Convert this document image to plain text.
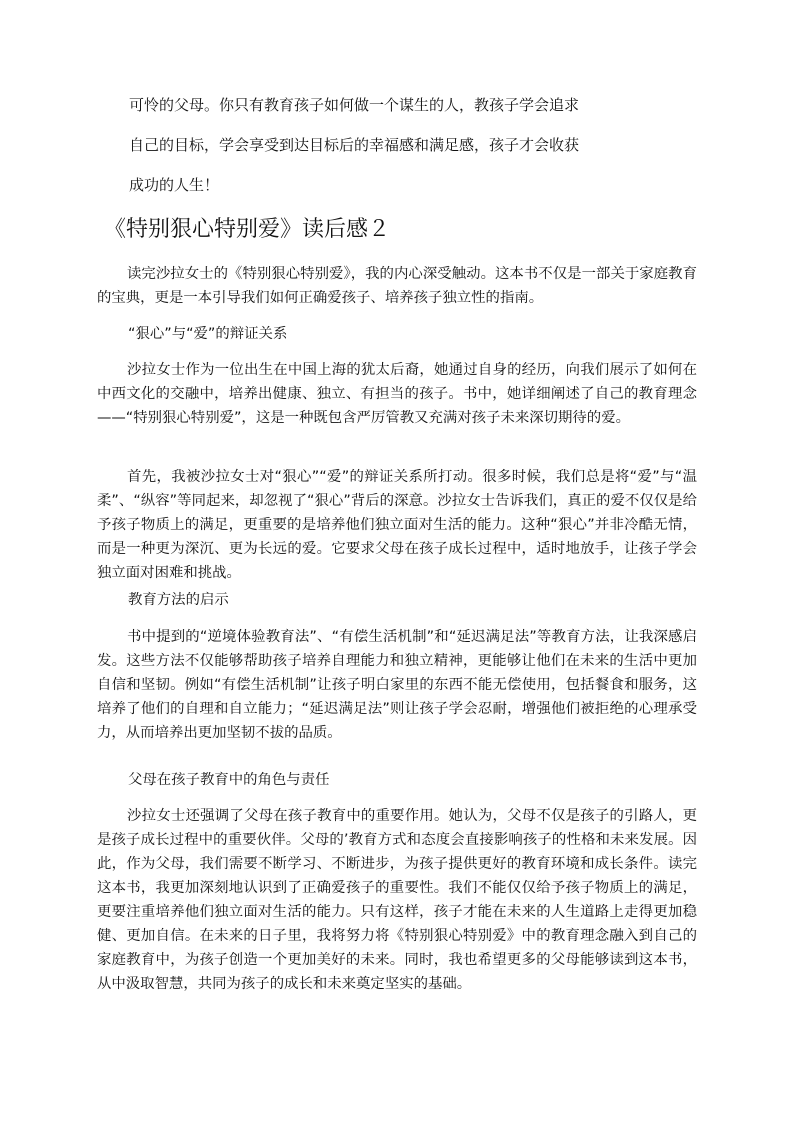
可怜的父母。你只有教育孩子如何做一个谋生的人，教孩子学会追求
自己的目标，学会享受到达目标后的幸福感和满足感，孩子才会收获
成功的人生！
《特别狠心特别爱》读后感２

读完沙拉女士的《特别狠心特别爱》，我的内心深受触动。这本书不仅是一部关于家庭教育的宝典，更是一本引导我们如何正确爱孩子、培养孩子独立性的指南。

“狠心”与“爱”的辩证关系

沙拉女士作为一位出生在中国上海的犹太后裔，她通过自身的经历，向我们展示了如何在中西文化的交融中，培养出健康、独立、有担当的孩子。书中，她详细阐述了自己的教育理念——“特别狠心特别爱”，这是一种既包含严厉管教又充满对孩子未来深切期待的爱。

首先，我被沙拉女士对“狠心”“爱”的辩证关系所打动。很多时候，我们总是将“爱”与“温柔”、“纵容”等同起来，却忽视了“狠心”背后的深意。沙拉女士告诉我们，真正的爱不仅仅是给予孩子物质上的满足，更重要的是培养他们独立面对生活的能力。这种“狠心”并非冷酷无情，而是一种更为深沉、更为长远的爱。它要求父母在孩子成长过程中，适时地放手，让孩子学会独立面对困难和挑战。

教育方法的启示

书中提到的“逆境体验教育法”、“有偿生活机制”和“延迟满足法”等教育方法，让我深感启发。这些方法不仅能够帮助孩子培养自理能力和独立精神，更能够让他们在未来的生活中更加自信和坚韧。例如“有偿生活机制”让孩子明白家里的东西不能无偿使用，包括餐食和服务，这培养了他们的自理和自立能力；“延迟满足法”则让孩子学会忍耐，增强他们被拒绝的心理承受力，从而培养出更加坚韧不拔的品质。

父母在孩子教育中的角色与责任

沙拉女士还强调了父母在孩子教育中的重要作用。她认为，父母不仅是孩子的引路人，更是孩子成长过程中的重要伙伴。父母的’教育方式和态度会直接影响孩子的性格和未来发展。因此，作为父母，我们需要不断学习、不断进步，为孩子提供更好的教育环境和成长条件。读完这本书，我更加深刻地认识到了正确爱孩子的重要性。我们不能仅仅给予孩子物质上的满足，更要注重培养他们独立面对生活的能力。只有这样，孩子才能在未来的人生道路上走得更加稳健、更加自信。在未来的日子里，我将努力将《特别狠心特别爱》中的教育理念融入到自己的家庭教育中，为孩子创造一个更加美好的未来。同时，我也希望更多的父母能够读到这本书，从中汲取智慧，共同为孩子的成长和未来奠定坚实的基础。
